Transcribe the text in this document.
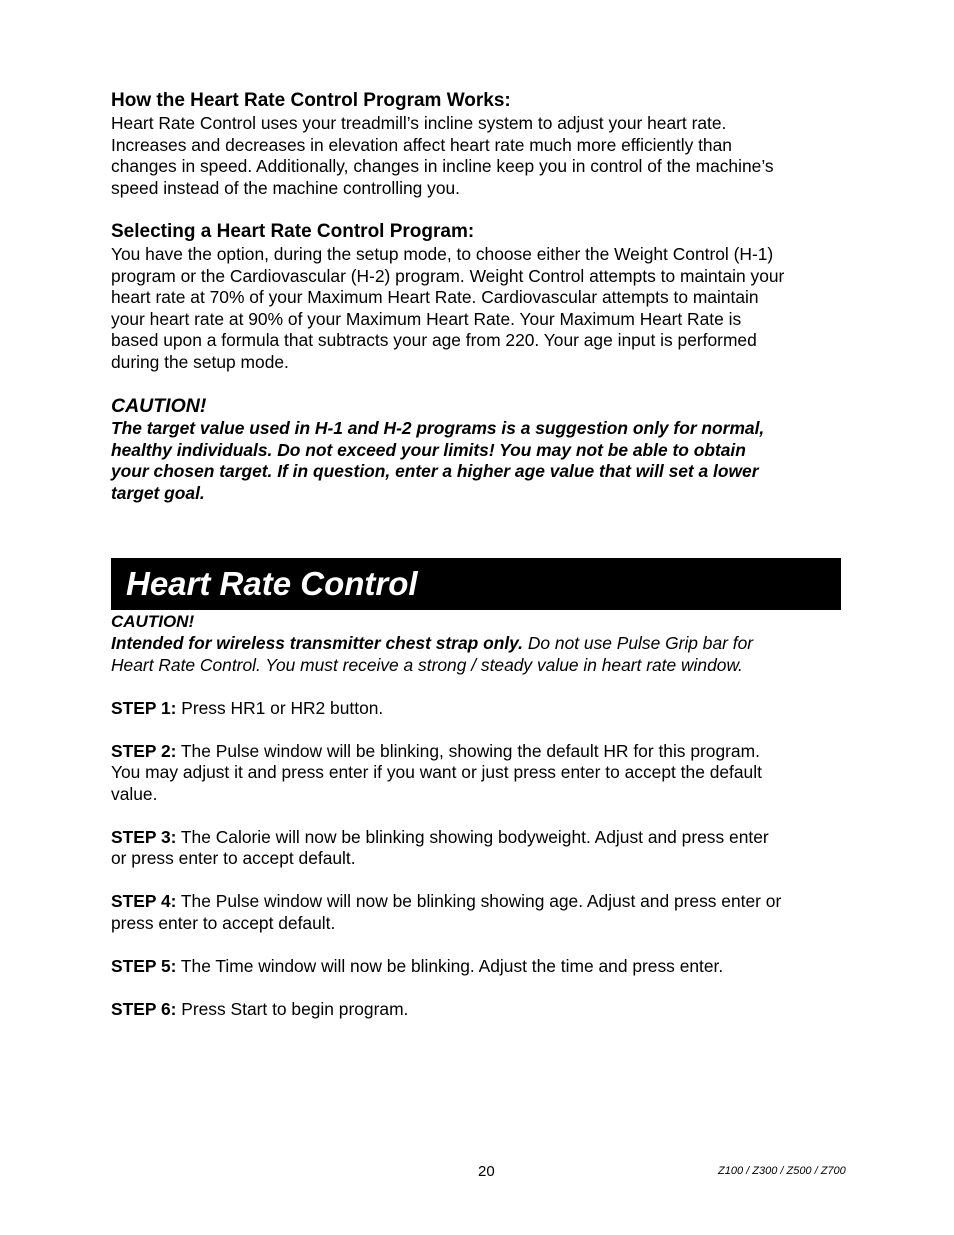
How the Heart Rate Control Program Works:

Heart Rate Control uses your treadmill’s incline system to adjust your heart rate.
Increases and decreases in elevation affect heart rate much more efficiently than
changes in speed. Additionally, changes in incline keep you in control of the machine’s
speed instead of the machine controlling you.

Selecting a Heart Rate Control Program:

You have the option, during the setup mode, to choose either the Weight Control (H-1)
program or the Cardiovascular (H-2) program. Weight Control attempts to maintain your
heart rate at 70% of your Maximum Heart Rate. Cardiovascular attempts to maintain
your heart rate at 90% of your Maximum Heart Rate. Your Maximum Heart Rate is
based upon a formula that subtracts your age from 220. Your age input is performed
during the setup mode.

CAUTION!

The target value used in H-1 and H-2 programs is a suggestion only for normal,
healthy individuals. Do not exceed your limits! You may not be able to obtain
your chosen target. If in question, enter a higher age value that will set a lower
target goal.

Heart Rate Control

CAUTION!

Intended for wireless transmitter chest strap only. Do not use Pulse Grip bar for
Heart Rate Control. You must receive a strong / steady value in heart rate window.

STEP 1: Press HR1 or HR2 button.

STEP 2: The Pulse window will be blinking, showing the default HR for this program.
You may adjust it and press enter if you want or just press enter to accept the default
value.

STEP 3: The Calorie will now be blinking showing bodyweight. Adjust and press enter
or press enter to accept default.

STEP 4: The Pulse window will now be blinking showing age. Adjust and press enter or
press enter to accept default.

STEP 5: The Time window will now be blinking. Adjust the time and press enter.

STEP 6: Press Start to begin program.

20	Z100 / Z300 / Z500 / Z700
